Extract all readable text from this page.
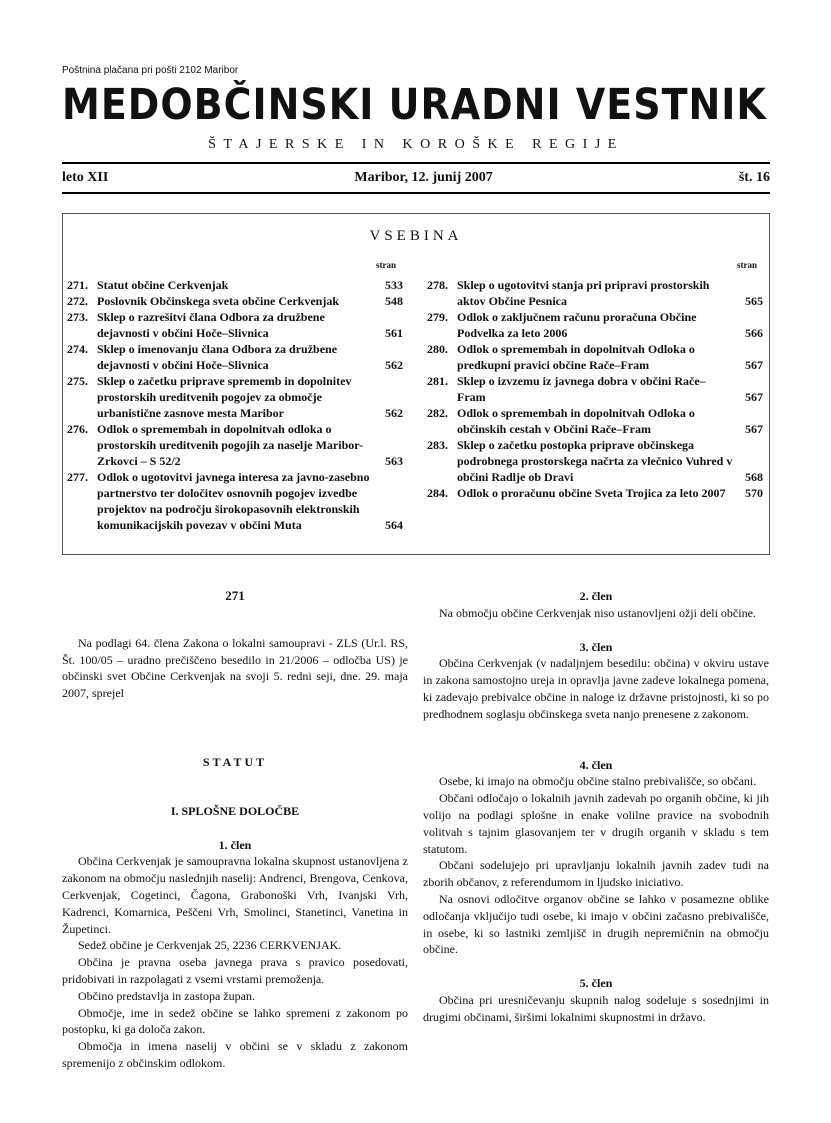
Poštnina plačana pri pošti 2102 Maribor
MEDOBČINSKI URADNI VESTNIK
ŠTAJERSKE IN KOROŠKE REGIJE
leto XII	Maribor, 12. junij 2007	št. 16
VSEBINA
stran	stran
271. Statut občine Cerkvenjak	533
272. Poslovnik Občinskega sveta občine Cerkvenjak	548
273. Sklep o razrešitvi člana Odbora za družbene dejavnosti v občini Hoče–Slivnica	561
274. Sklep o imenovanju člana Odbora za družbene dejavnosti v občini Hoče–Slivnica	562
275. Sklep o začetku priprave sprememb in dopolnitev prostorskih ureditvenih pogojev za območje urbanistične zasnove mesta Maribor	562
276. Odlok o spremembah in dopolnitvah odloka o prostorskih ureditvenih pogojih za naselje Maribor-Zrkovci – S 52/2	563
277. Odlok o ugotovitvi javnega interesa za javno-zasebno partnerstvo ter določitev osnovnih pogojev izvedbe projektov na področju širokopasovnih elektronskih komunikacijskih povezav v občini Muta	564
278. Sklep o ugotovitvi stanja pri pripravi prostorskih aktov Občine Pesnica	565
279. Odlok o zaključnem računu proračuna Občine Podvelka za leto 2006	566
280. Odlok o spremembah in dopolnitvah Odloka o predkupni pravici občine Rače–Fram	567
281. Sklep o izvzemu iz javnega dobra v občini Rače–Fram	567
282. Odlok o spremembah in dopolnitvah Odloka o občinskih cestah v Občini Rače–Fram	567
283. Sklep o začetku postopka priprave občinskega podrobnega prostorskega načrta za vlečnico Vuhred v občini Radlje ob Dravi	568
284. Odlok o proračunu občine Sveta Trojica za leto 2007	570
271

Na podlagi 64. člena Zakona o lokalni samoupravi - ZLS (Ur.l. RS, Št. 100/05 – uradno prečiščeno besedilo in 21/2006 – odločba US) je občinski svet Občine Cerkvenjak na svoji 5. redni seji, dne. 29. maja 2007, sprejel

STATUT
I. SPLOŠNE DOLOČBE
1. člen

Občina Cerkvenjak je samoupravna lokalna skupnost ustanovljena z zakonom na območju naslednjih naselij: Andrenci, Brengova, Cenkova, Cerkvenjak, Cogetinci, Čagona, Grabonoški Vrh, Ivanjski Vrh, Kadrenci, Komarnica, Peščeni Vrh, Smolinci, Stanetinci, Vanetina in Župetinci.

Sedež občine je Cerkvenjak 25, 2236 CERKVENJAK.

Občina je pravna oseba javnega prava s pravico posedovati, pridobivati in razpolagati z vsemi vrstami premoženja.

Občino predstavlja in zastopa župan.

Območje, ime in sedež občine se lahko spremeni z zakonom po postopku, ki ga določa zakon.

Območja in imena naselij v občini se v skladu z zakonom spremenijo z občinskim odlokom.

2. člen

Na območju občine Cerkvenjak niso ustanovljeni ožji deli občine.

3. člen

Občina Cerkvenjak (v nadaljnjem besedilu: občina) v okviru ustave in zakona samostojno ureja in opravlja javne zadeve lokalnega pomena, ki zadevajo prebivalce občine in naloge iz državne pristojnosti, ki so po predhodnem soglasju občinskega sveta nanjo prenesene z zakonom.

4. člen

Osebe, ki imajo na območju občine stalno prebivališče, so občani.

Občani odločajo o lokalnih javnih zadevah po organih občine, ki jih volijo na podlagi splošne in enake volilne pravice na svobodnih volitvah s tajnim glasovanjem ter v drugih organih v skladu s tem statutom.

Občani sodelujejo pri upravljanju lokalnih javnih zadev tudi na zborih občanov, z referendumom in ljudsko iniciativo.

Na osnovi odločitve organov občine se lahko v posamezne oblike odločanja vključijo tudi osebe, ki imajo v občini začasno prebivališče, in osebe, ki so lastniki zemljišč in drugih nepremičnin na območju občine.

5. člen

Občina pri uresničevanju skupnih nalog sodeluje s sosednjimi in drugimi občinami, širšimi lokalnimi skupnostmi in državo.
